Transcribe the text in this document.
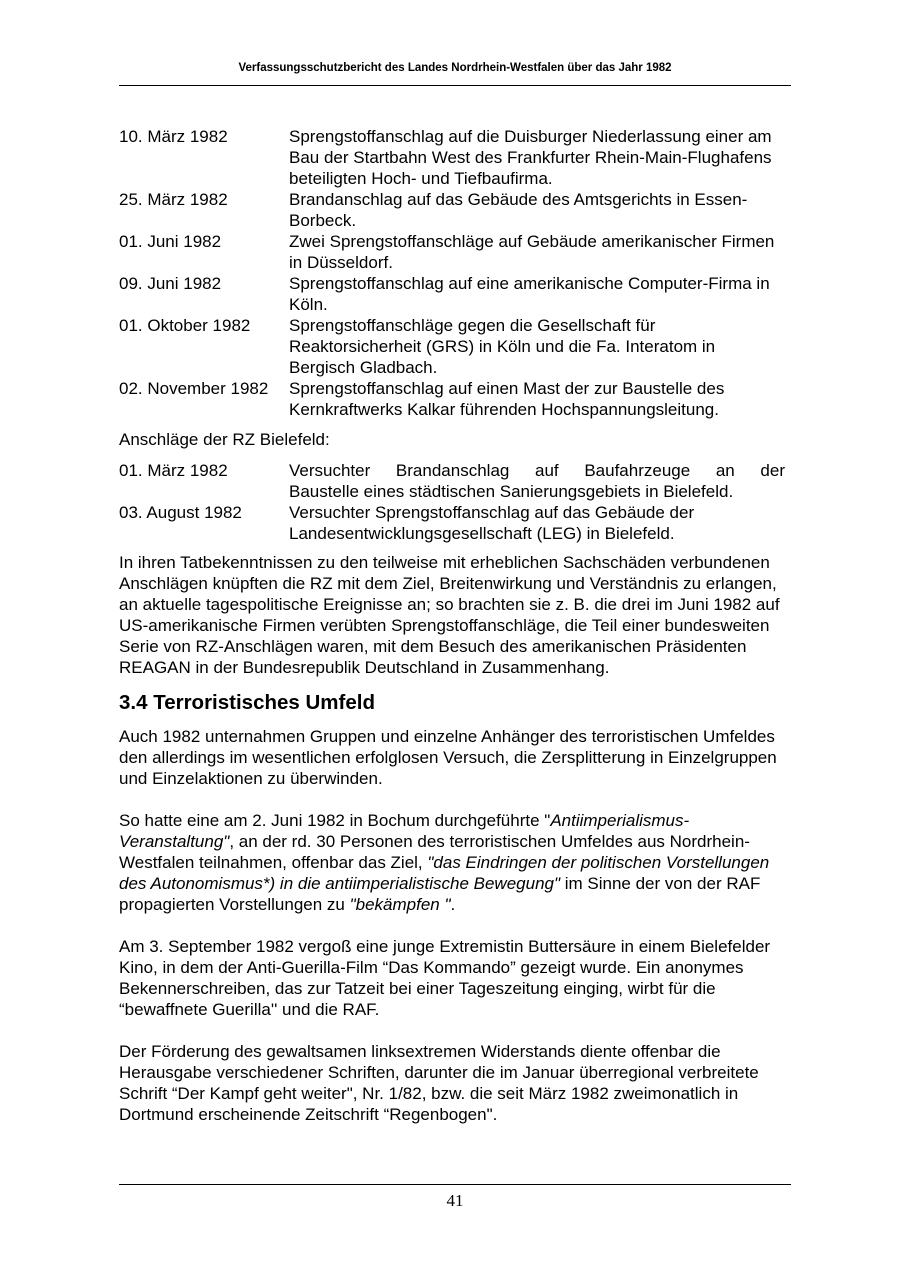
Verfassungsschutzbericht des Landes Nordrhein-Westfalen über das Jahr 1982
10. März 1982	Sprengstoffanschlag auf die Duisburger Niederlassung einer am Bau der Startbahn West des Frankfurter Rhein-Main-Flughafens beteiligten Hoch- und Tiefbaufirma.
25. März 1982	Brandanschlag auf das Gebäude des Amtsgerichts in Essen-Borbeck.
01. Juni 1982	Zwei Sprengstoffanschläge auf Gebäude amerikanischer Firmen in Düsseldorf.
09. Juni 1982	Sprengstoffanschlag auf eine amerikanische Computer-Firma in Köln.
01. Oktober 1982	Sprengstoffanschläge gegen die Gesellschaft für Reaktorsicherheit (GRS) in Köln und die Fa. Interatom in Bergisch Gladbach.
02. November 1982	Sprengstoffanschlag auf einen Mast der zur Baustelle des Kernkraftwerks Kalkar führenden Hochspannungsleitung.

Anschläge der RZ Bielefeld:

01. März 1982	Versuchter Brandanschlag auf Baufahrzeuge an der
Baustelle eines städtischen Sanierungsgebiets in Bielefeld.
03. August 1982	Versuchter Sprengstoffanschlag auf das Gebäude der
Landesentwicklungsgesellschaft (LEG) in Bielefeld.

In ihren Tatbekenntnissen zu den teilweise mit erheblichen Sachschäden verbundenen Anschlägen knüpften die RZ mit dem Ziel, Breitenwirkung und Verständnis zu erlangen, an aktuelle tagespolitische Ereignisse an; so brachten sie z. B. die drei im Juni 1982 auf US-amerikanische Firmen verübten Sprengstoffanschläge, die Teil einer bundesweiten Serie von RZ-Anschlägen waren, mit dem Besuch des amerikanischen Präsidenten REAGAN in der Bundesrepublik Deutschland in Zusammenhang.

3.4 Terroristisches Umfeld

Auch 1982 unternahmen Gruppen und einzelne Anhänger des terroristischen Umfeldes den allerdings im wesentlichen erfolglosen Versuch, die Zersplitterung in Einzelgruppen und Einzelaktionen zu überwinden.

So hatte eine am 2. Juni 1982 in Bochum durchgeführte "Antiimperialismus-Veranstaltung", an der rd. 30 Personen des terroristischen Umfeldes aus Nordrhein-Westfalen teilnahmen, offenbar das Ziel, "das Eindringen der politischen Vorstellungen des Autonomismus*) in die antiimperialistische Bewegung" im Sinne der von der RAF propagierten Vorstellungen zu "bekämpfen ".

Am 3. September 1982 vergoß eine junge Extremistin Buttersäure in einem Bielefelder Kino, in dem der Anti-Guerilla-Film “Das Kommando” gezeigt wurde. Ein anonymes Bekennerschreiben, das zur Tatzeit bei einer Tageszeitung einging, wirbt für die “bewaffnete Guerilla'' und die RAF.

Der Förderung des gewaltsamen linksextremen Widerstands diente offenbar die Herausgabe verschiedener Schriften, darunter die im Januar überregional verbreitete Schrift “Der Kampf geht weiter", Nr. 1/82, bzw. die seit März 1982 zweimonatlich in Dortmund erscheinende Zeitschrift “Regenbogen".

41
